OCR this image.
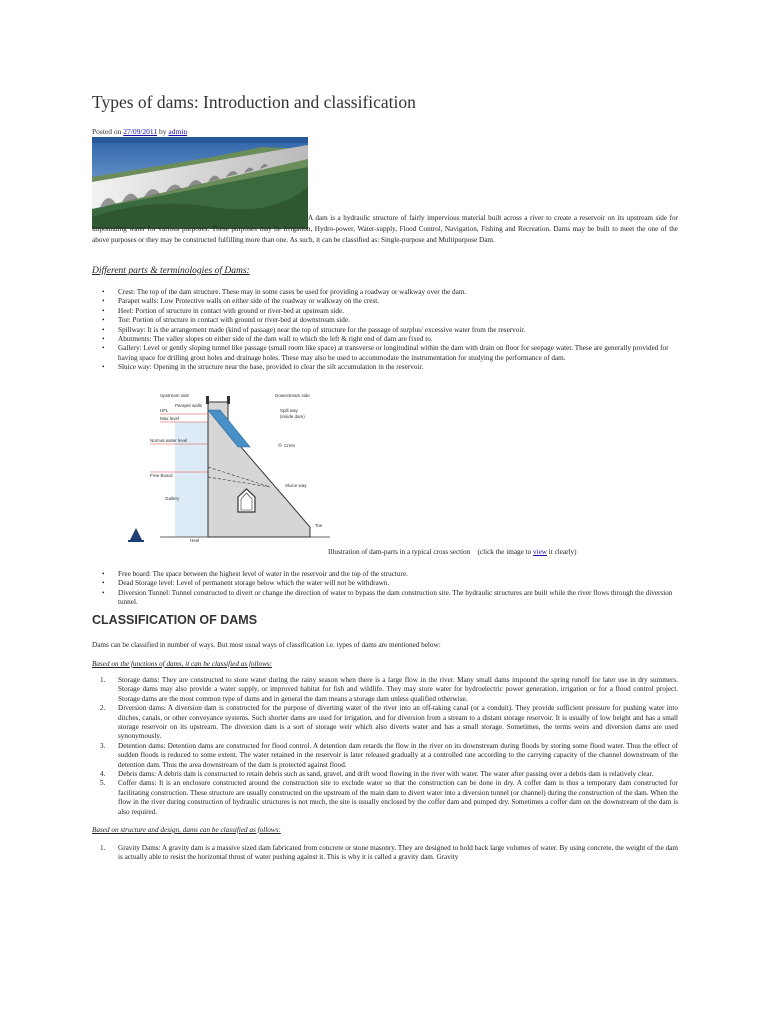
Types of dams: Introduction and classification
Posted on 27/09/2011 by admin

A dam is a hydraulic structure of fairly impervious material built across a river to create a reservoir on its upstream side for impounding water for various purposes. These purposes may be Irrigation, Hydro-power, Water-supply, Flood Control, Navigation, Fishing and Recreation. Dams may be built to meet the one of the above purposes or they may be constructed fulfilling more than one. As such, it can be classified as: Single-purpose and Multipurpose Dam.

Different parts & terminologies of Dams:
• Crest: The top of the dam structure. These may in some cases be used for providing a roadway or walkway over the dam.
• Parapet walls: Low Protective walls on either side of the roadway or walkway on the crest.
• Heel: Portion of structure in contact with ground or river-bed at upstream side.
• Toe: Portion of structure in contact with ground or river-bed at downstream side.
• Spillway: It is the arrangement made (kind of passage) near the top of structure for the passage of surplus/ excessive water from the reservoir.
• Abutments: The valley slopes on either side of the dam wall to which the left & right end of dam are fixed to.
• Gallery: Level or gently sloping tunnel like passage (small room like space) at transverse or longitudinal within the dam with drain on floor for seepage water. These are generally provided for having space for drilling grout holes and drainage holes. These may also be used to accommodate the instrumentation for studying the performance of dam.
• Sluice way: Opening in the structure near the base, provided to clear the silt accumulation in the reservoir.
Upstream side	Downstream side
Parapet walls
HFL
Max level
Normal water level
Free Board
Gallery
Heel
Toe
Spill way
(inside dam)
Crest
Sluice way
Illustration of dam-parts in a typical cross section (click the image to view it clearly)
• Free board: The space between the highest level of water in the reservoir and the top of the structure.
• Dead Storage level: Level of permanent storage below which the water will not be withdrawn.
• Diversion Tunnel: Tunnel constructed to divert or change the direction of water to bypass the dam construction site. The hydraulic structures are built while the river flows through the diversion tunnel.
CLASSIFICATION OF DAMS
Dams can be classified in number of ways. But most usual ways of classification i.e. types of dams are mentioned below:
Based on the functions of dams, it can be classified as follows:
1. Storage dams: They are constructed to store water during the rainy season when there is a large flow in the river. Many small dams impound the spring runoff for later use in dry summers. Storage dams may also provide a water supply, or improved habitat for fish and wildlife. They may store water for hydroelectric power generation, irrigation or for a flood control project. Storage dams are the most common type of dams and in general the dam means a storage dam unless qualified otherwise.
2. Diversion dams: A diversion dam is constructed for the purpose of diverting water of the river into an off-taking canal (or a conduit). They provide sufficient pressure for pushing water into ditches, canals, or other conveyance systems. Such shorter dams are used for irrigation, and for diversion from a stream to a distant storage reservoir. It is usually of low height and has a small storage reservoir on its upstream. The diversion dam is a sort of storage weir which also diverts water and has a small storage. Sometimes, the terms weirs and diversion dams are used synonymously.
3. Detention dams: Detention dams are constructed for flood control. A detention dam retards the flow in the river on its downstream during floods by storing some flood water. Thus the effect of sudden floods is reduced to some extent. The water retained in the reservoir is later released gradually at a controlled rate according to the carrying capacity of the channel downstream of the detention dam. Thus the area downstream of the dam is protected against flood.
4. Debris dams: A debris dam is constructed to retain debris such as sand, gravel, and drift wood flowing in the river with water. The water after passing over a debris dam is relatively clear.
5. Coffer dams: It is an enclosure constructed around the construction site to exclude water so that the construction can be done in dry. A coffer dam is thus a temporary dam constructed for facilitating construction. These structure are usually constructed on the upstream of the main dam to divert water into a diversion tunnel (or channel) during the construction of the dam. When the flow in the river during construction of hydraulic structures is not much, the site is usually enclosed by the coffer dam and pumped dry. Sometimes a coffer dam on the downstream of the dam is also required.
Based on structure and design, dams can be classified as follows:
1. Gravity Dams: A gravity dam is a massive sized dam fabricated from concrete or stone masonry. They are designed to hold back large volumes of water. By using concrete, the weight of the dam is actually able to resist the horizontal thrust of water pushing against it. This is why it is called a gravity dam. Gravity
